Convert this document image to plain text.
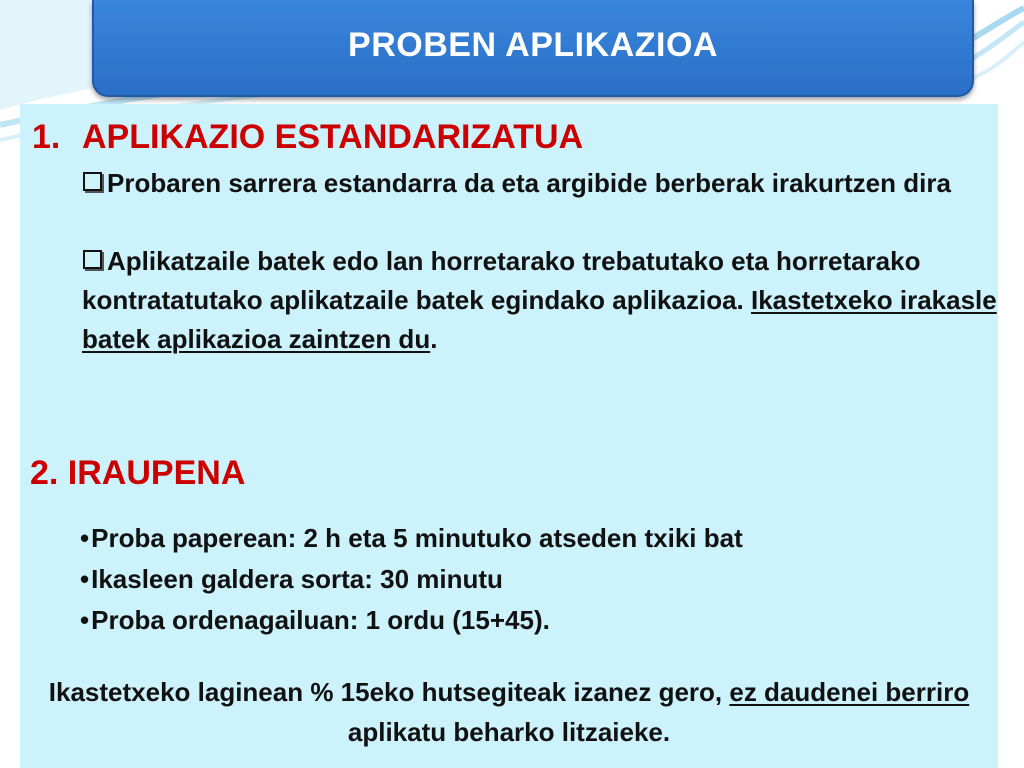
PROBEN APLIKAZIOA
1. APLIKAZIO ESTANDARIZATUA
Probaren sarrera estandarra da eta argibide berberak irakurtzen dira
Aplikatzaile batek edo lan horretarako trebatutako eta horretarako kontratatutako aplikatzaile batek egindako aplikazioa. Ikastetxeko irakasle batek aplikazioa zaintzen du.
2. IRAUPENA
•Proba paperean: 2 h eta 5 minutuko atseden txiki bat
•Ikasleen galdera sorta: 30 minutu
•Proba ordenagailuan: 1 ordu (15+45).
Ikastetxeko laginean % 15eko hutsegiteak izanez gero, ez daudenei berriro aplikatu beharko litzaieke.
